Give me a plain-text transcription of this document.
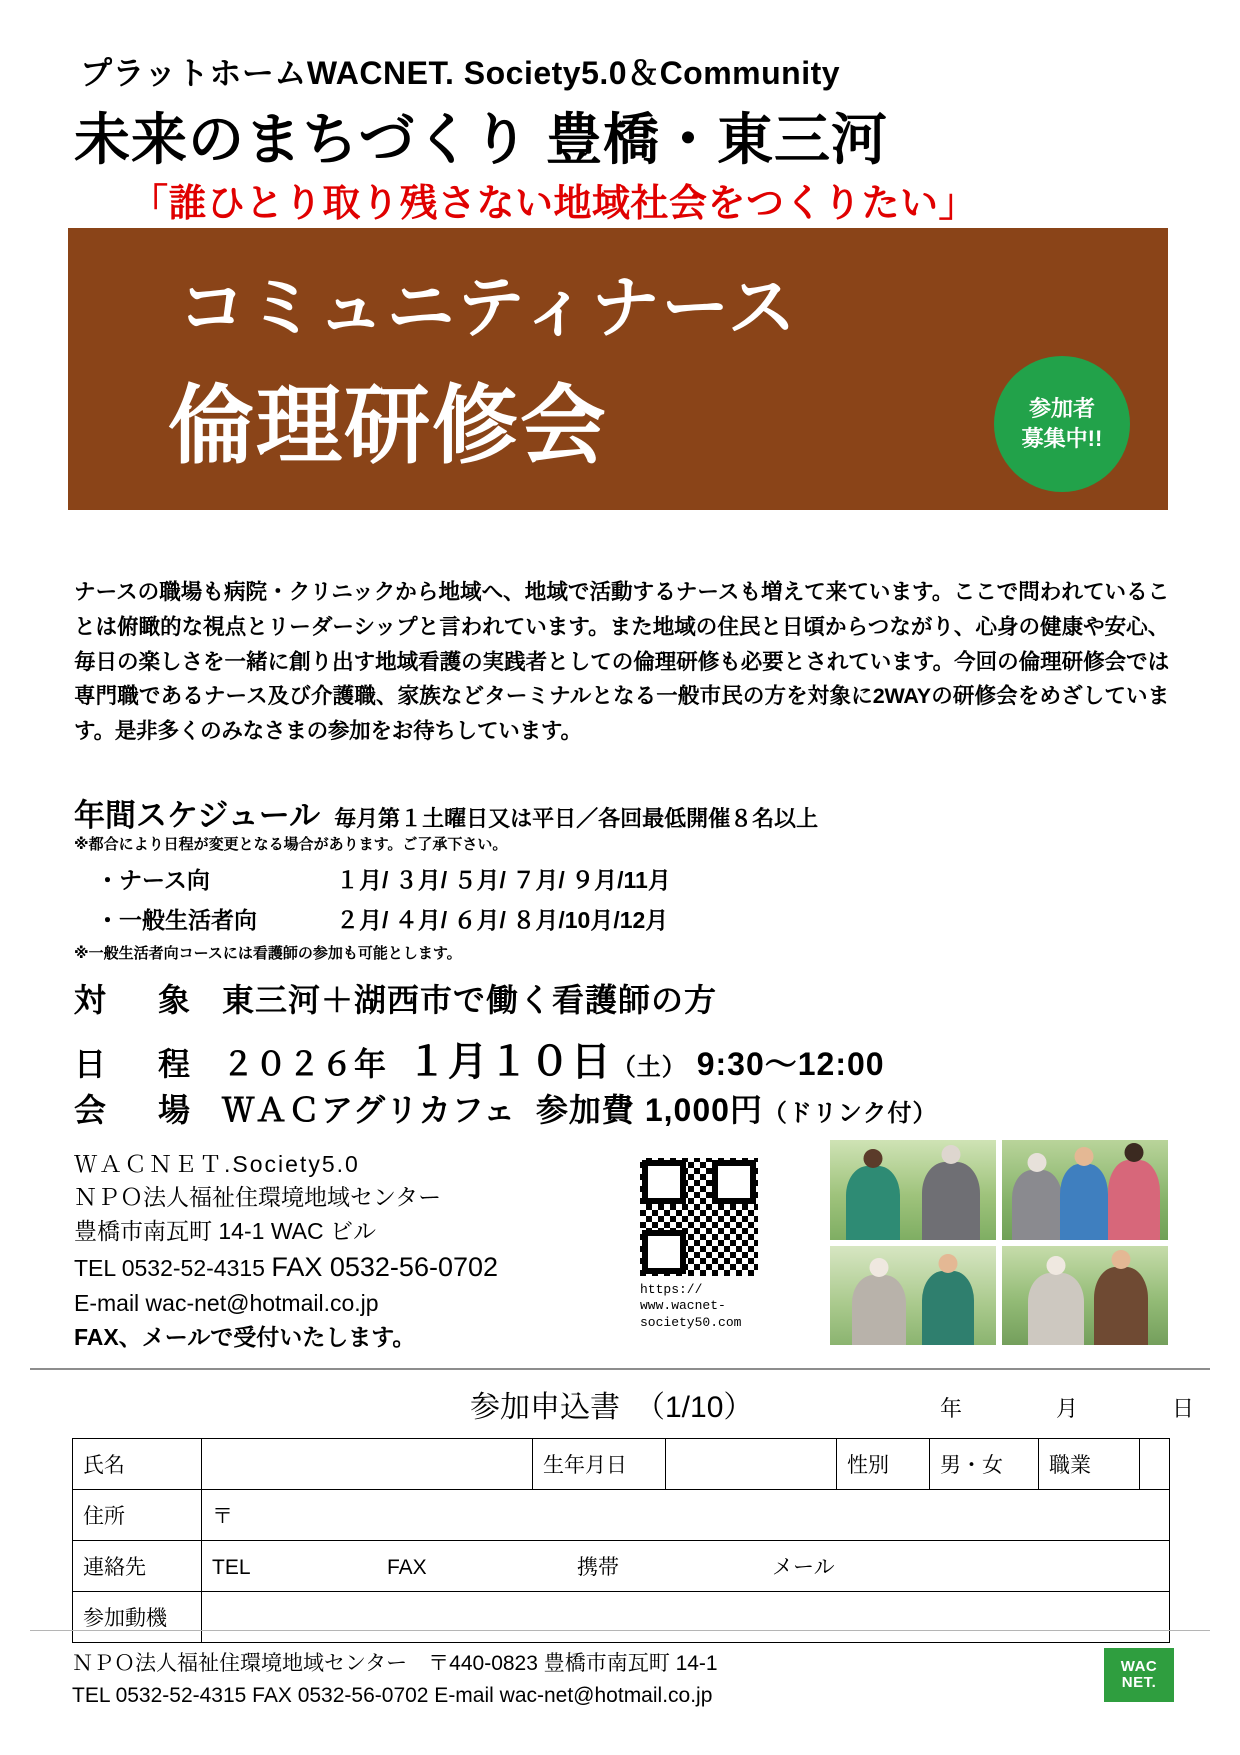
プラットホームWACNET. Society5.0＆Community
未来のまちづくり 豊橋・東三河
「誰ひとり取り残さない地域社会をつくりたい」
コミュニティナース
倫理研修会	参加者
募集中!!
ナースの職場も病院・クリニックから地域へ、地域で活動するナースも増えて来ています。ここで問われていることは俯瞰的な視点とリーダーシップと言われています。また地域の住民と日頃からつながり、心身の健康や安心、毎日の楽しさを一緒に創り出す地域看護の実践者としての倫理研修も必要とされています。今回の倫理研修会では専門職であるナース及び介護職、家族などターミナルとなる一般市民の方を対象に2WAYの研修会をめざしています。是非多くのみなさまの参加をお待ちしています。
年間スケジュール 毎月第１土曜日又は平日／各回最低開催８名以上
※都合により日程が変更となる場合があります。ご了承下さい。
・ナース向	１月/ ３月/ ５月/ ７月/ ９月/11月
・一般生活者向	２月/ ４月/ ６月/ ８月/10月/12月
※一般生活者向コースには看護師の参加も可能とします。
対　象 東三河＋湖西市で働く看護師の方
日　程 ２０２６年 １月１０日（土） 9:30〜12:00
会　場 ＷＡＣアグリカフェ 参加費 1,000円（ドリンク付）
ＷＡＣＮＥＴ.Society5.0
ＮＰＯ法人福祉住環境地域センター
豊橋市南瓦町 14-1 WAC ビル
TEL 0532-52-4315 FAX 0532-56-0702
E-mail wac-net@hotmail.co.jp
FAX、メールで受付いたします。
https://
www.wacnet-
society50.com
参加申込書　（1/10）	年　月　日
氏名		生年月日		性別	男・女	職業	
住所	〒						
連絡先	TEL FAX 携帯 メール						
参加動機							
ＮＰＯ法人福祉住環境地域センター　〒440-0823 豊橋市南瓦町 14-1
TEL 0532-52-4315 FAX 0532-56-0702 E-mail wac-net@hotmail.co.jp
WAC
NET.
